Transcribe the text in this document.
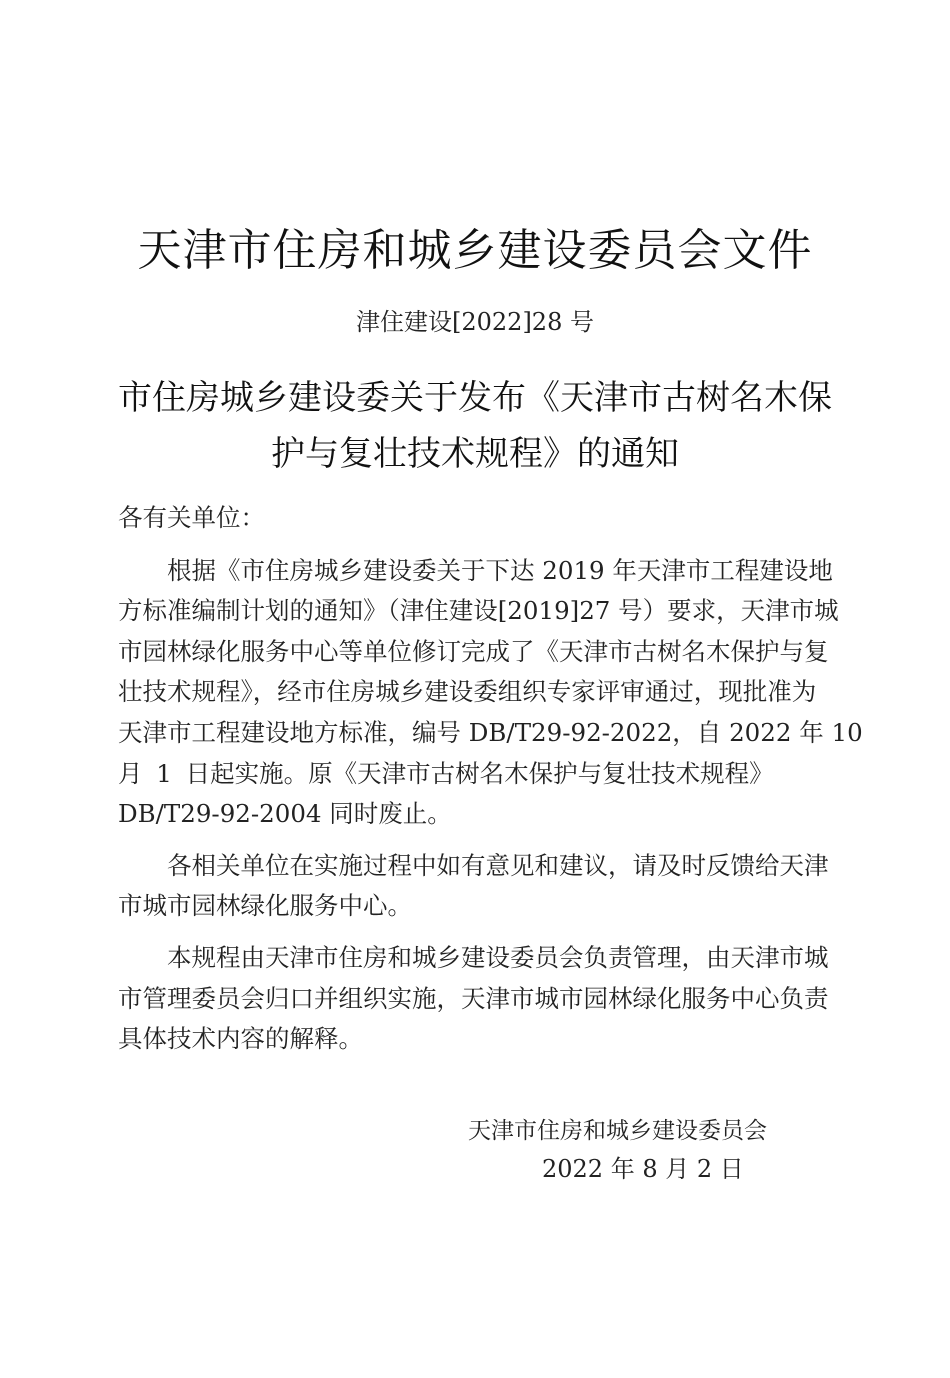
天津市住房和城乡建设委员会文件
津住建设[2022]28 号
市住房城乡建设委关于发布《天津市古树名木保
护与复壮技术规程》的通知
各有关单位：
根据《市住房城乡建设委关于下达 2019 年天津市工程建设地
方标准编制计划的通知》（津住建设[2019]27 号）要求，天津市城
市园林绿化服务中心等单位修订完成了《天津市古树名木保护与复
壮技术规程》，经市住房城乡建设委组织专家评审通过，现批准为
天津市工程建设地方标准，编号 DB/T29-92-2022，自 2022 年 10
月 1 日起实施。原《天津市古树名木保护与复壮技术规程》
DB/T29-92-2004 同时废止。
各相关单位在实施过程中如有意见和建议，请及时反馈给天津
市城市园林绿化服务中心。
本规程由天津市住房和城乡建设委员会负责管理，由天津市城
市管理委员会归口并组织实施，天津市城市园林绿化服务中心负责
具体技术内容的解释。
天津市住房和城乡建设委员会
2022 年 8 月 2 日
